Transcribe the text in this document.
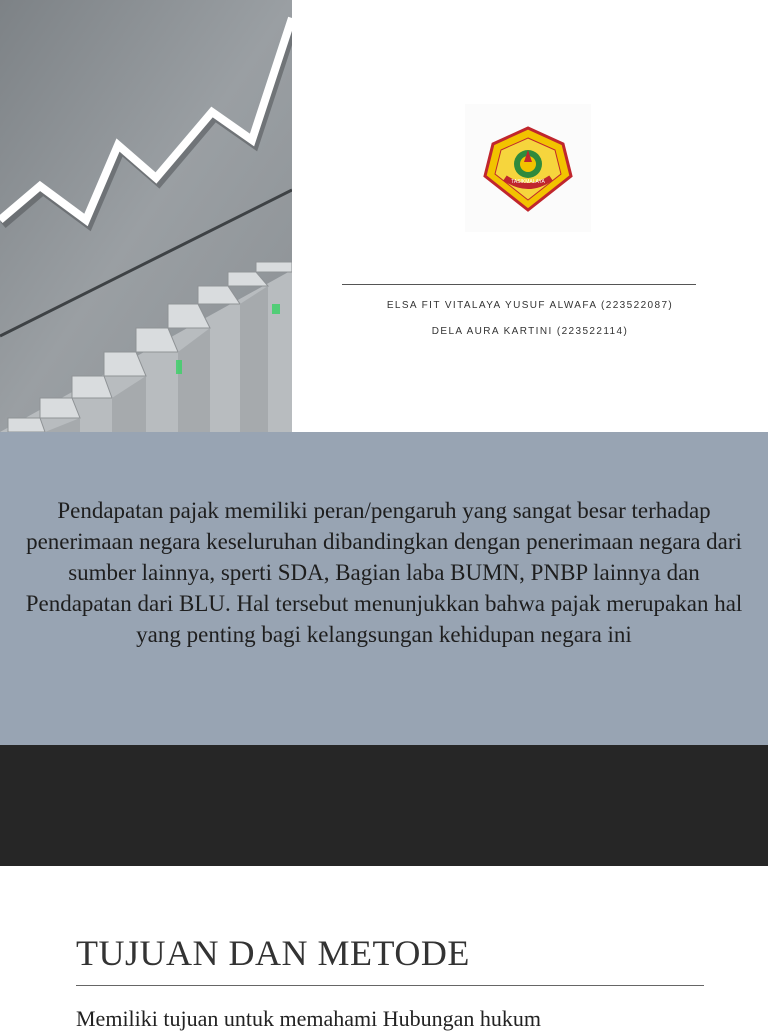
TASIKMALAYA
ELSA FIT VITALAYA YUSUF ALWAFA (223522087)
DELA AURA KARTINI (223522114)
Pendapatan pajak memiliki peran/pengaruh yang sangat besar terhadap penerimaan negara keseluruhan dibandingkan dengan penerimaan negara dari sumber lainnya, sperti SDA, Bagian laba BUMN, PNBP lainnya dan Pendapatan dari BLU. Hal tersebut menunjukkan bahwa pajak merupakan hal yang penting bagi kelangsungan kehidupan negara ini
TUJUAN DAN METODE
Memiliki tujuan untuk memahami Hubungan hukum
